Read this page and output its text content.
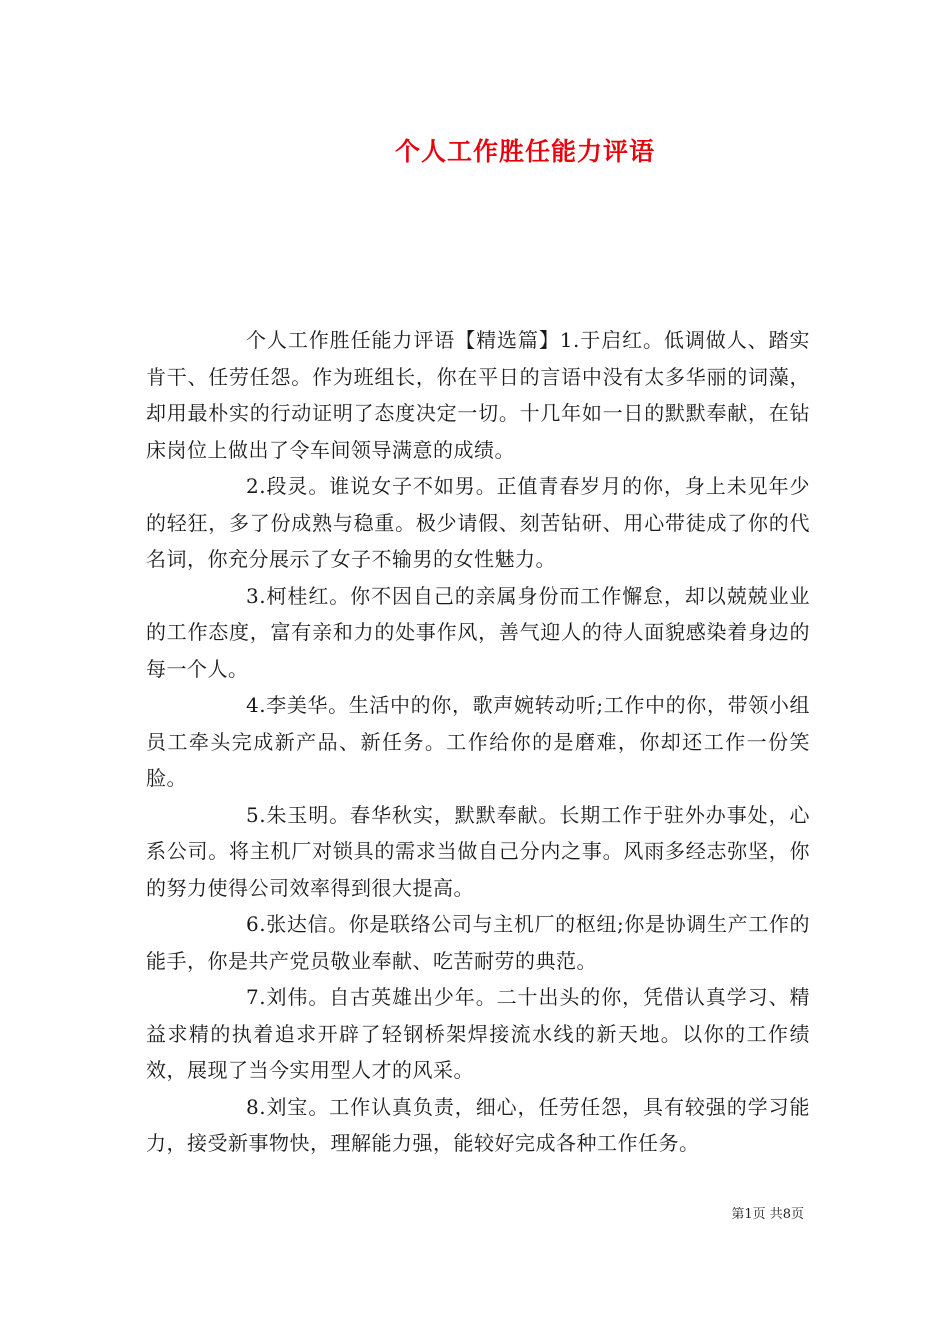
个人工作胜任能力评语

个人工作胜任能力评语【精选篇】1.于启红。低调做人、踏实肯干、任劳任怨。作为班组长，你在平日的言语中没有太多华丽的词藻，却用最朴实的行动证明了态度决定一切。十几年如一日的默默奉献，在钻床岗位上做出了令车间领导满意的成绩。

2.段灵。谁说女子不如男。正值青春岁月的你，身上未见年少的轻狂，多了份成熟与稳重。极少请假、刻苦钻研、用心带徒成了你的代名词，你充分展示了女子不输男的女性魅力。

3.柯桂红。你不因自己的亲属身份而工作懈怠，却以兢兢业业的工作态度，富有亲和力的处事作风，善气迎人的待人面貌感染着身边的每一个人。

4.李美华。生活中的你，歌声婉转动听;工作中的你，带领小组员工牵头完成新产品、新任务。工作给你的是磨难，你却还工作一份笑脸。

5.朱玉明。春华秋实，默默奉献。长期工作于驻外办事处，心系公司。将主机厂对锁具的需求当做自己分内之事。风雨多经志弥坚，你的努力使得公司效率得到很大提高。

6.张达信。你是联络公司与主机厂的枢纽;你是协调生产工作的能手，你是共产党员敬业奉献、吃苦耐劳的典范。

7.刘伟。自古英雄出少年。二十出头的你，凭借认真学习、精益求精的执着追求开辟了轻钢桥架焊接流水线的新天地。以你的工作绩效，展现了当今实用型人才的风采。

8.刘宝。工作认真负责，细心，任劳任怨，具有较强的学习能力，接受新事物快，理解能力强，能较好完成各种工作任务。

第1页 共8页
